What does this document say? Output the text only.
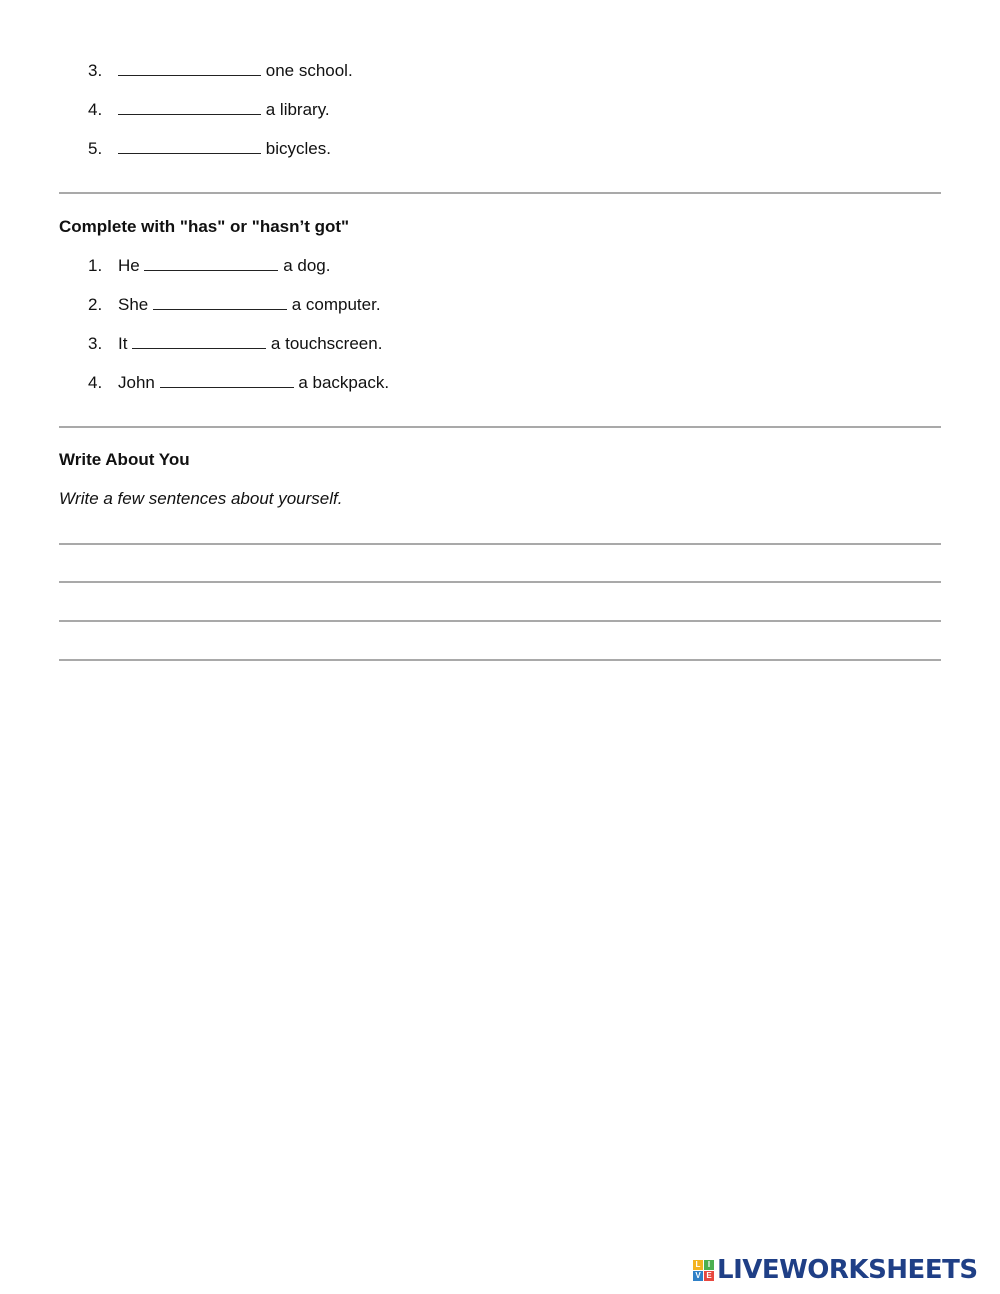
3.	one school.
4.	a library.
5.	bicycles.
Complete with "has" or "hasn’t got"
1. He	a dog.
2. She	a computer.
3. It	a touchscreen.
4. John	a backpack.
Write About You
Write a few sentences about yourself.
L I
V E LIVEWORKSHEETS
